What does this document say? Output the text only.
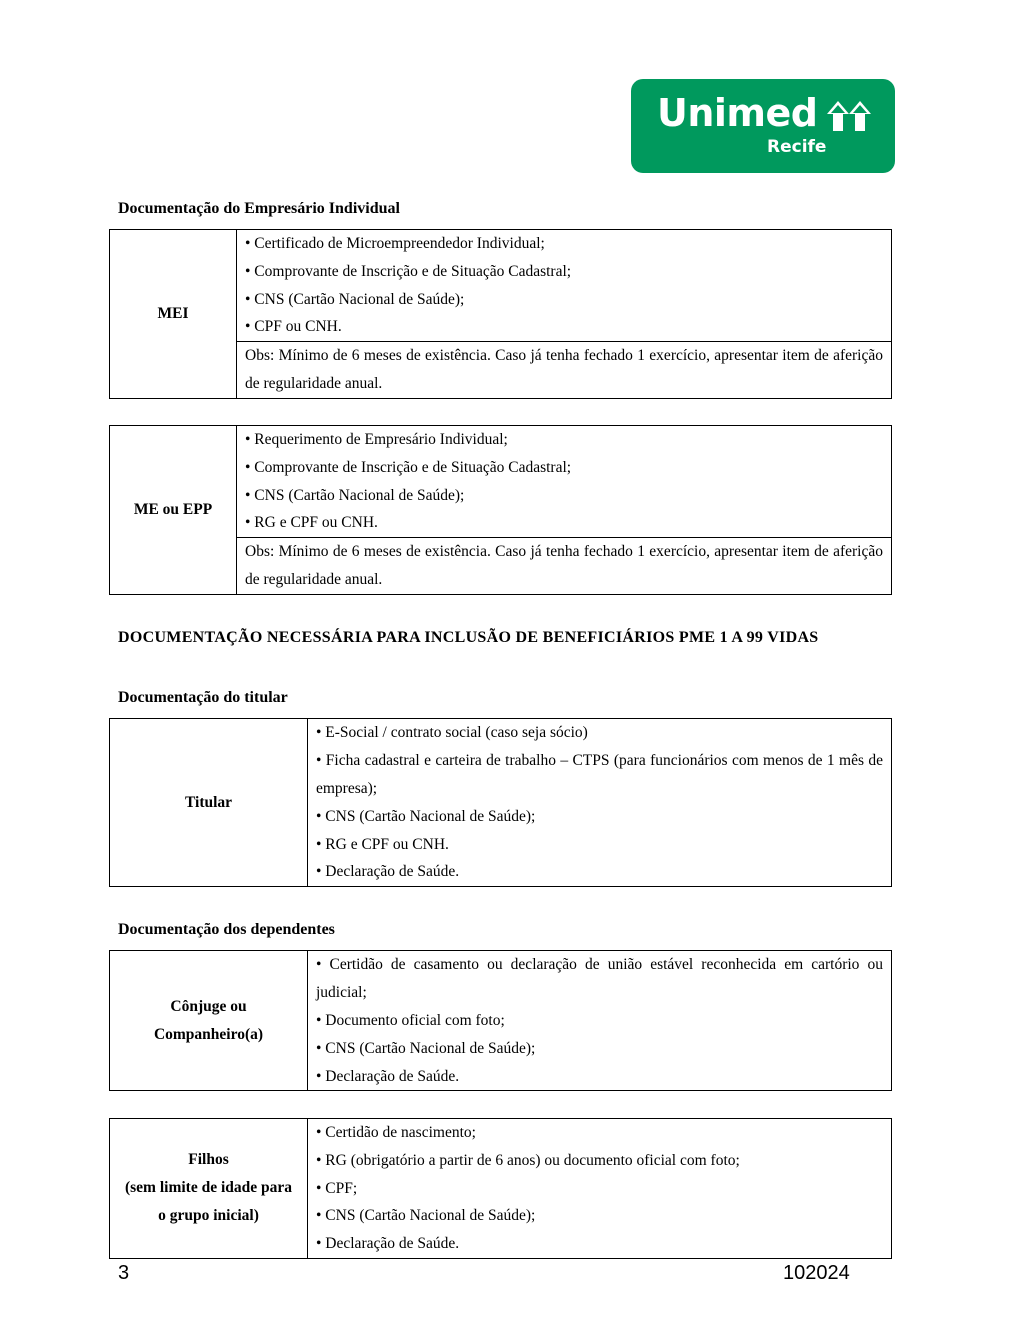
Unimed
Recife
Documentação do Empresário Individual
MEI	
• Certificado de Microempreendedor Individual;
• Comprovante de Inscrição e de Situação Cadastral;
• CNS (Cartão Nacional de Saúde);
• CPF ou CNH.

Obs: Mínimo de 6 meses de existência. Caso já tenha fechado 1 exercício, apresentar item de aferição de regularidade anual.
ME ou EPP	
• Requerimento de Empresário Individual;
• Comprovante de Inscrição e de Situação Cadastral;
• CNS (Cartão Nacional de Saúde);
• RG e CPF ou CNH.

Obs: Mínimo de 6 meses de existência. Caso já tenha fechado 1 exercício, apresentar item de aferição de regularidade anual.
DOCUMENTAÇÃO NECESSÁRIA PARA INCLUSÃO DE BENEFICIÁRIOS PME 1 A 99 VIDAS
Documentação do titular
Titular	
• E-Social / contrato social (caso seja sócio)
• Ficha cadastral e carteira de trabalho – CTPS (para funcionários com menos de 1 mês de empresa);
• CNS (Cartão Nacional de Saúde);
• RG e CPF ou CNH.
• Declaração de Saúde.
Documentação dos dependentes
Cônjuge ou
Companheiro(a)

• Certidão de casamento ou declaração de união estável reconhecida em cartório ou judicial;
• Documento oficial com foto;
• CNS (Cartão Nacional de Saúde);
• Declaração de Saúde.
Filhos
(sem limite de idade para
o grupo inicial)

• Certidão de nascimento;
• RG (obrigatório a partir de 6 anos) ou documento oficial com foto;
• CPF;
• CNS (Cartão Nacional de Saúde);
• Declaração de Saúde.
3	102024
